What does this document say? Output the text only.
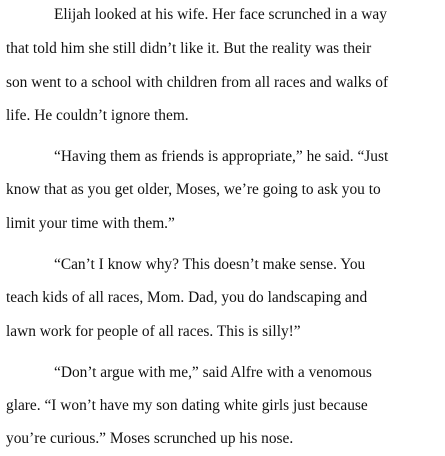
Elijah looked at his wife. Her face scrunched in a way
that told him she still didn’t like it. But the reality was their
son went to a school with children from all races and walks of
life. He couldn’t ignore them.
“Having them as friends is appropriate,” he said. “Just
know that as you get older, Moses, we’re going to ask you to
limit your time with them.”
“Can’t I know why? This doesn’t make sense. You
teach kids of all races, Mom. Dad, you do landscaping and
lawn work for people of all races. This is silly!”
“Don’t argue with me,” said Alfre with a venomous
glare. “I won’t have my son dating white girls just because
you’re curious.” Moses scrunched up his nose.
